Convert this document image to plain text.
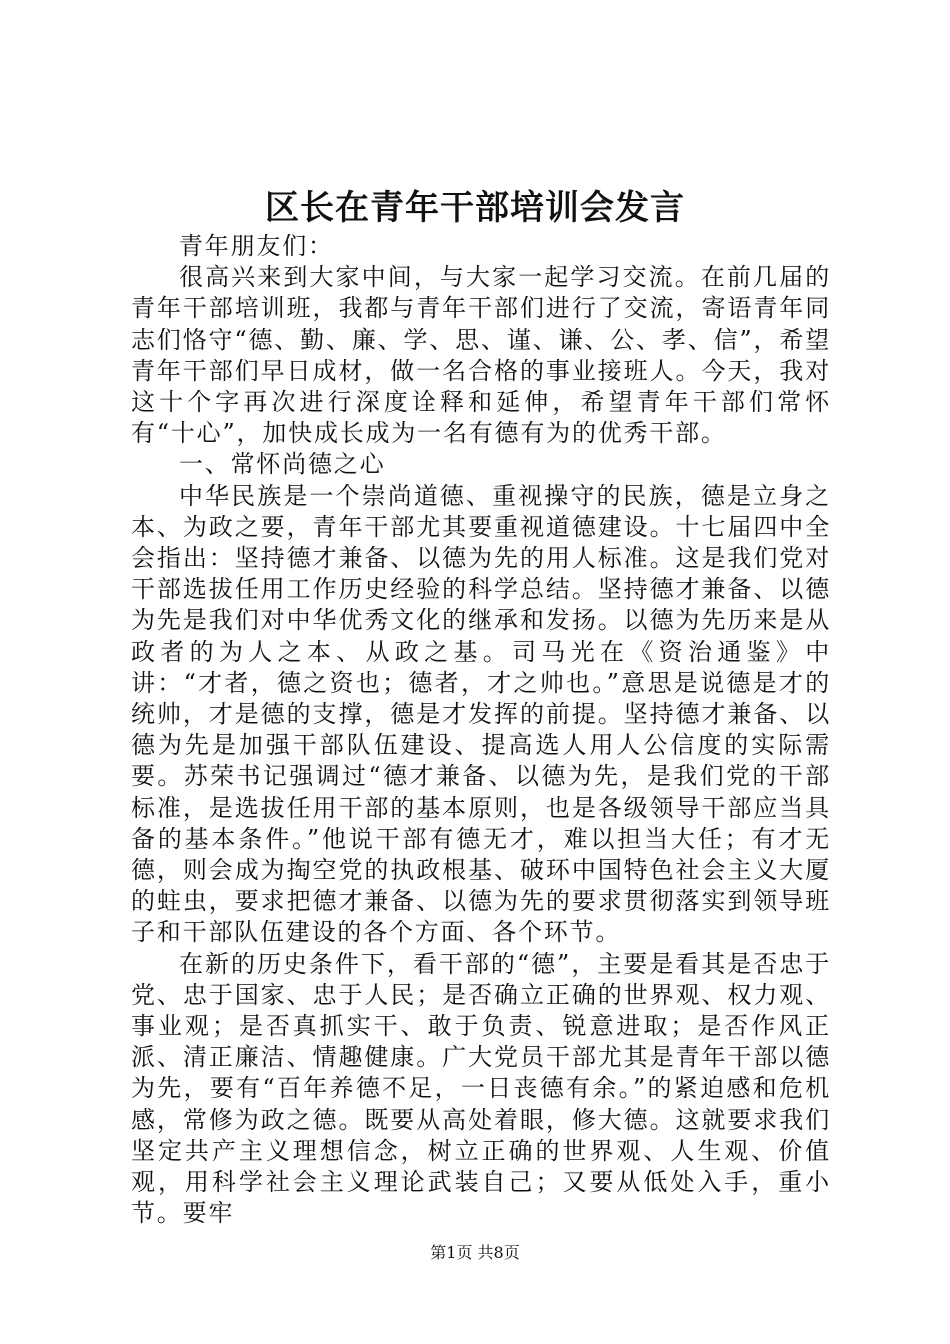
区长在青年干部培训会发言

青年朋友们：

很高兴来到大家中间，与大家一起学习交流。在前几届的青年干部培训班，我都与青年干部们进行了交流，寄语青年同志们恪守“德、勤、廉、学、思、谨、谦、公、孝、信”，希望青年干部们早日成材，做一名合格的事业接班人。今天，我对这十个字再次进行深度诠释和延伸，希望青年干部们常怀有“十心”，加快成长成为一名有德有为的优秀干部。

一、常怀尚德之心

中华民族是一个崇尚道德、重视操守的民族，德是立身之本、为政之要，青年干部尤其要重视道德建设。十七届四中全会指出：坚持德才兼备、以德为先的用人标准。这是我们党对干部选拔任用工作历史经验的科学总结。坚持德才兼备、以德为先是我们对中华优秀文化的继承和发扬。以德为先历来是从政者的为人之本、从政之基。司马光在《资治通鉴》中讲：“才者，德之资也；德者，才之帅也。”意思是说德是才的统帅，才是德的支撑，德是才发挥的前提。坚持德才兼备、以德为先是加强干部队伍建设、提高选人用人公信度的实际需要。苏荣书记强调过“德才兼备、以德为先，是我们党的干部标准，是选拔任用干部的基本原则，也是各级领导干部应当具备的基本条件。”他说干部有德无才，难以担当大任；有才无德，则会成为掏空党的执政根基、破环中国特色社会主义大厦的蛀虫，要求把德才兼备、以德为先的要求贯彻落实到领导班子和干部队伍建设的各个方面、各个环节。

在新的历史条件下，看干部的“德”，主要是看其是否忠于党、忠于国家、忠于人民；是否确立正确的世界观、权力观、事业观；是否真抓实干、敢于负责、锐意进取；是否作风正派、清正廉洁、情趣健康。广大党员干部尤其是青年干部以德为先，要有“百年养德不足，一日丧德有余。”的紧迫感和危机感，常修为政之德。既要从高处着眼，修大德。这就要求我们坚定共产主义理想信念，树立正确的世界观、人生观、价值观，用科学社会主义理论武装自己；又要从低处入手，重小节。要牢

第1页 共8页
